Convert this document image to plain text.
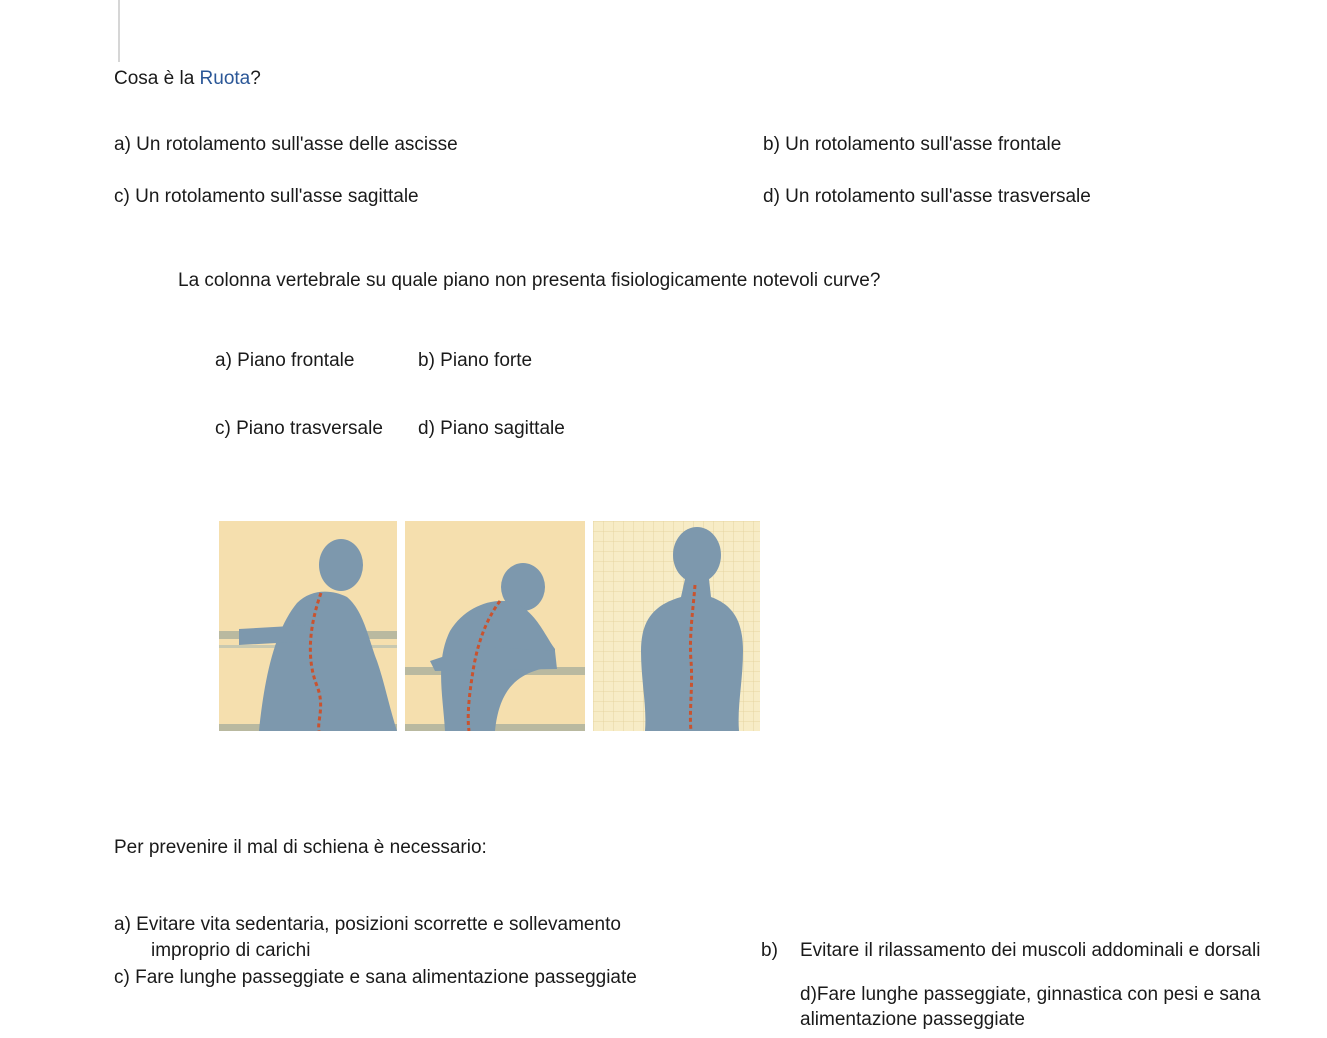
Cosa è la Ruota?
a) Un rotolamento sull'asse delle ascisse	b) Un rotolamento sull'asse frontale
c) Un rotolamento sull'asse sagittale	d) Un rotolamento sull'asse trasversale
La colonna vertebrale su quale piano non presenta fisiologicamente notevoli curve?
a) Piano frontale	b) Piano forte
c) Piano trasversale d) Piano sagittale
Per prevenire il mal di schiena è necessario:
a) Evitare vita sedentaria, posizioni scorrette e sollevamento
improprio di carichi	b) Evitare il rilassamento dei muscoli addominali e dorsali
c) Fare lunghe passeggiate e sana alimentazione passeggiate
d)Fare lunghe passeggiate, ginnastica con pesi e sana alimentazione passeggiate
